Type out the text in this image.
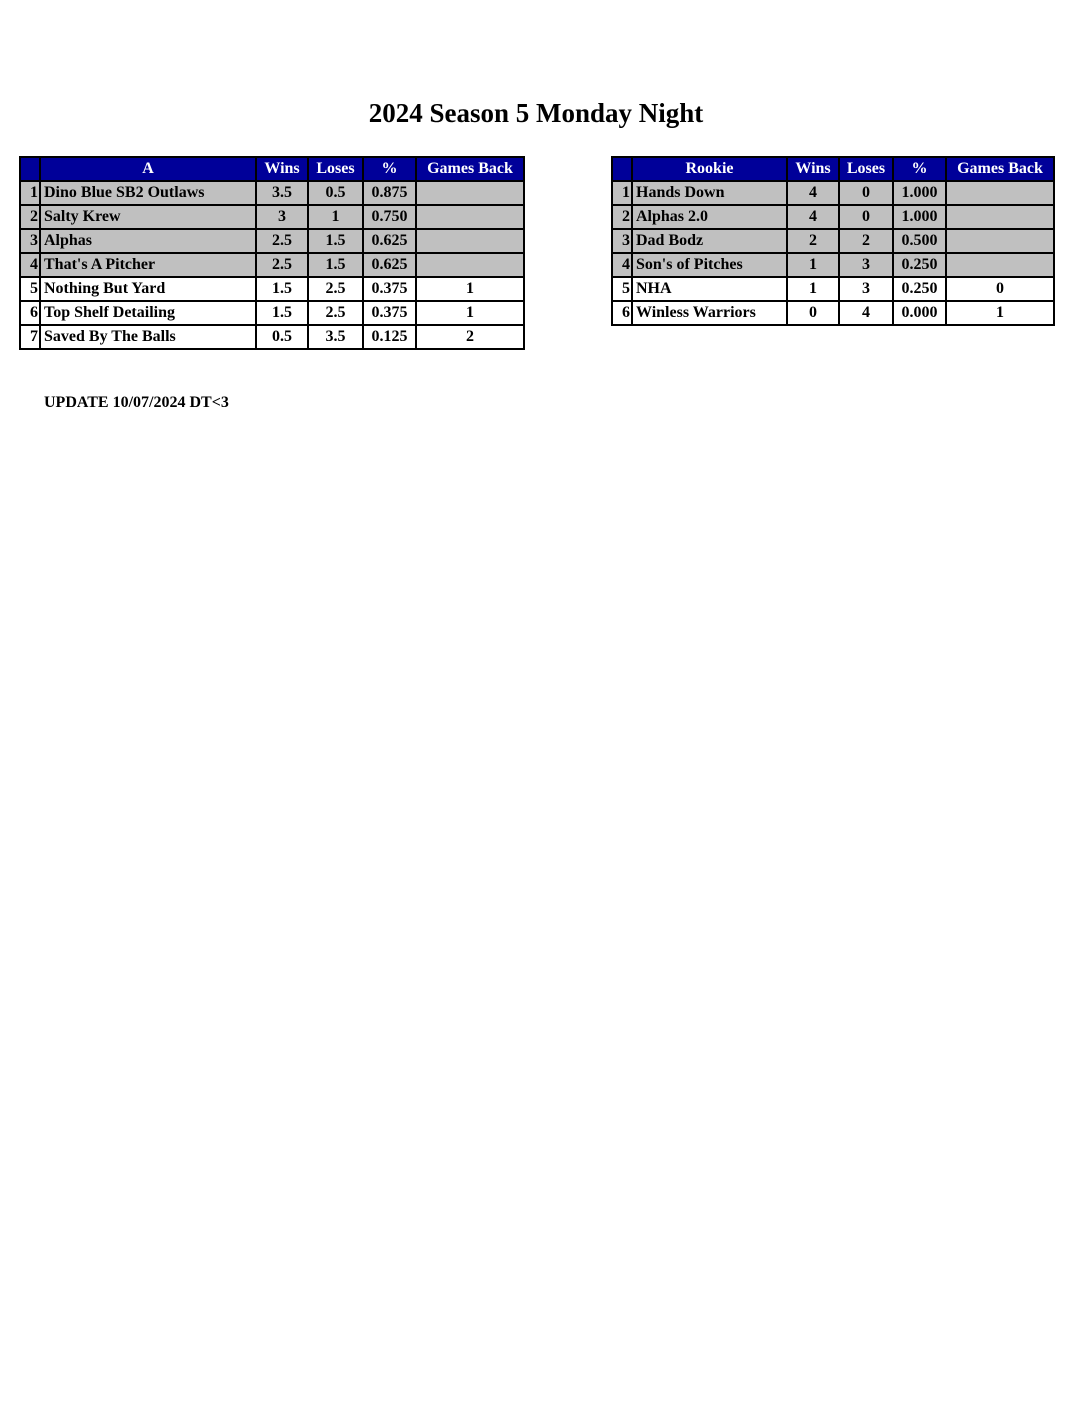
2024 Season 5 Monday Night
	A	Wins	Loses	%	Games Back
1	Dino Blue SB2 Outlaws	3.5	0.5	0.875	
2	Salty Krew	3	1	0.750	
3	Alphas	2.5	1.5	0.625	
4	That's A Pitcher	2.5	1.5	0.625	
5	Nothing But Yard	1.5	2.5	0.375	1
6	Top Shelf Detailing	1.5	2.5	0.375	1
7	Saved By The Balls	0.5	3.5	0.125	2
	Rookie	Wins	Loses	%	Games Back
1	Hands Down	4	0	1.000	
2	Alphas 2.0	4	0	1.000	
3	Dad Bodz	2	2	0.500	
4	Son's of Pitches	1	3	0.250	
5	NHA	1	3	0.250	0
6	Winless Warriors	0	4	0.000	1
UPDATE 10/07/2024 DT<3
